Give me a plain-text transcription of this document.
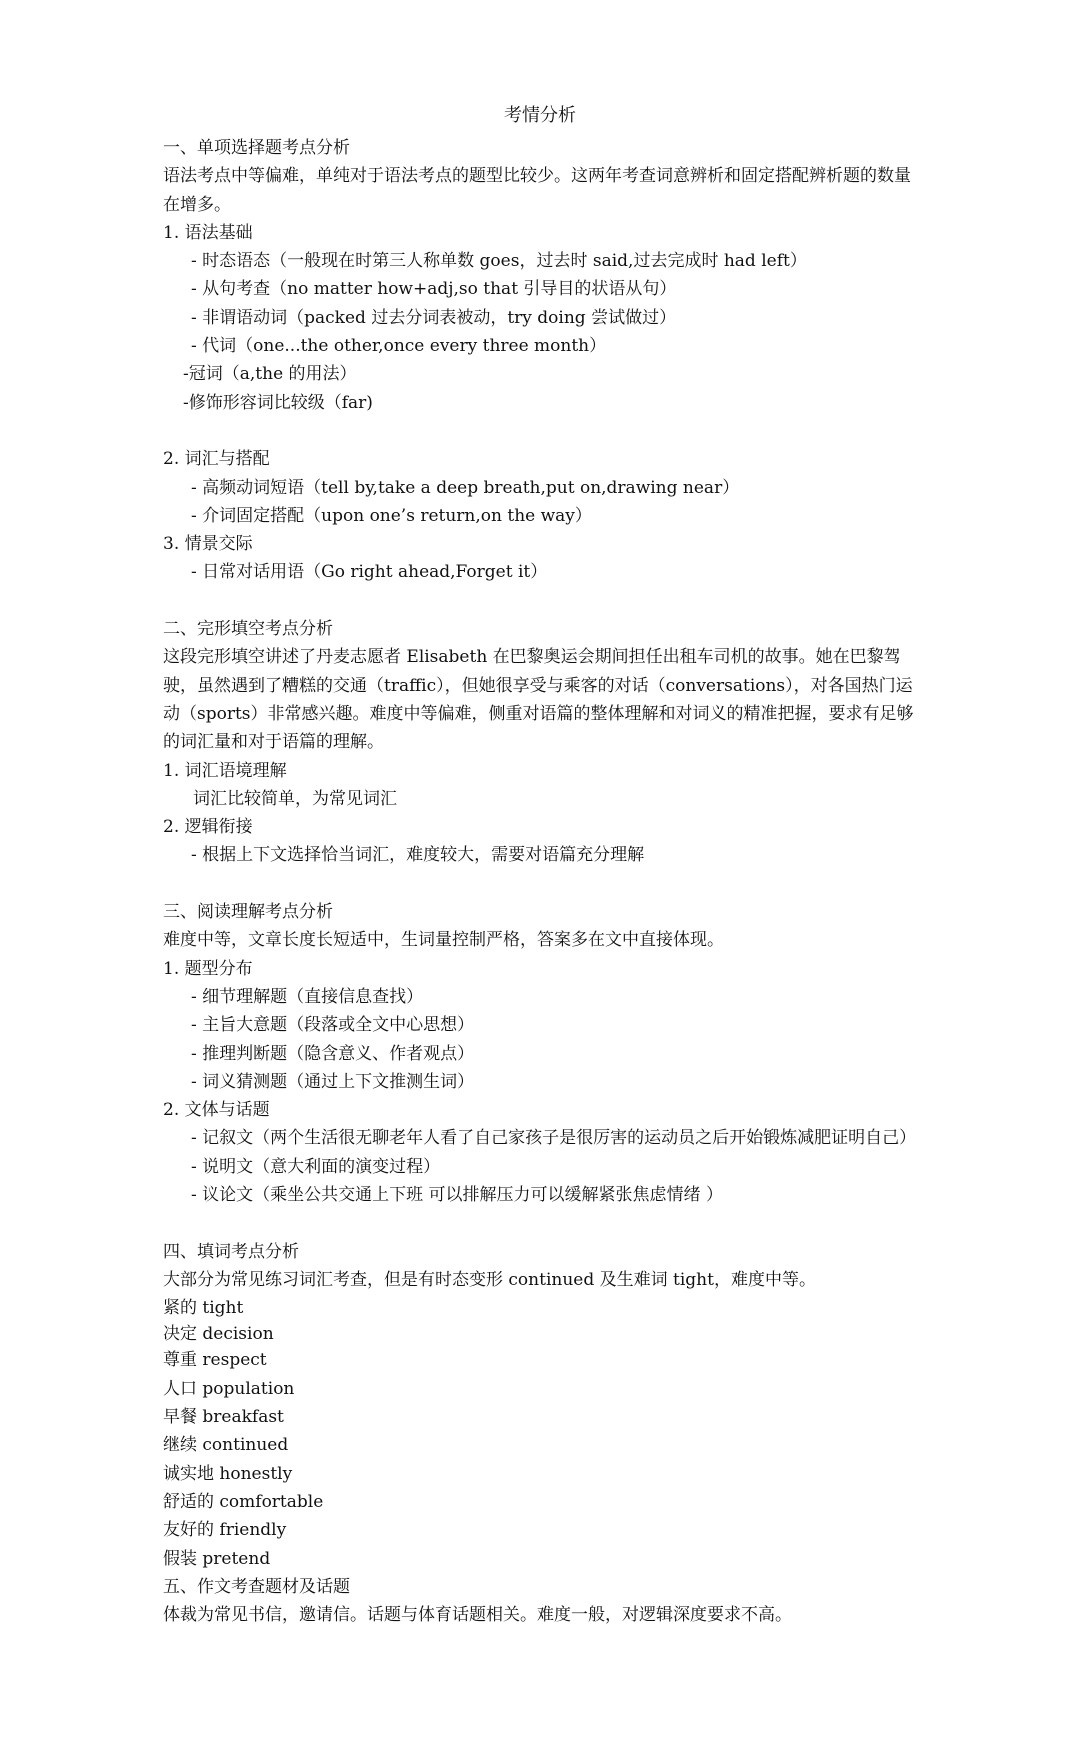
考情分析
一、单项选择题考点分析
语法考点中等偏难，单纯对于语法考点的题型比较少。这两年考查词意辨析和固定搭配辨析题的数量在增多。
1. 语法基础
- 时态语态（一般现在时第三人称单数 goes，过去时 said,过去完成时 had left）
- 从句考查（no matter how+adj,so that 引导目的状语从句）
- 非谓语动词（packed 过去分词表被动，try doing 尝试做过）
- 代词（one...the other,once every three month）
-冠词（a,the 的用法）
-修饰形容词比较级（far)
2. 词汇与搭配
- 高频动词短语（tell by,take a deep breath,put on,drawing near）
- 介词固定搭配（upon one’s return,on the way）
3. 情景交际
- 日常对话用语（Go right ahead,Forget it）
二、完形填空考点分析
这段完形填空讲述了丹麦志愿者 Elisabeth 在巴黎奥运会期间担任出租车司机的故事。她在巴黎驾驶，虽然遇到了糟糕的交通（traffic），但她很享受与乘客的对话（conversations），对各国热门运动（sports）非常感兴趣。难度中等偏难，侧重对语篇的整体理解和对词义的精准把握，要求有足够的词汇量和对于语篇的理解。
1. 词汇语境理解
词汇比较简单，为常见词汇
2. 逻辑衔接
- 根据上下文选择恰当词汇，难度较大，需要对语篇充分理解
三、阅读理解考点分析
难度中等，文章长度长短适中，生词量控制严格，答案多在文中直接体现。
1. 题型分布
- 细节理解题（直接信息查找）
- 主旨大意题（段落或全文中心思想）
- 推理判断题（隐含意义、作者观点）
- 词义猜测题（通过上下文推测生词）
2. 文体与话题
- 记叙文（两个生活很无聊老年人看了自己家孩子是很厉害的运动员之后开始锻炼减肥证明自己）
- 说明文（意大利面的演变过程）
- 议论文（乘坐公共交通上下班 可以排解压力可以缓解紧张焦虑情绪 ）
四、填词考点分析
大部分为常见练习词汇考查，但是有时态变形 continued 及生难词 tight，难度中等。
紧的 tight
决定 decision
尊重 respect
人口 population
早餐 breakfast
继续 continued
诚实地 honestly
舒适的 comfortable
友好的 friendly
假装 pretend
五、作文考查题材及话题
体裁为常见书信，邀请信。话题与体育话题相关。难度一般，对逻辑深度要求不高。
